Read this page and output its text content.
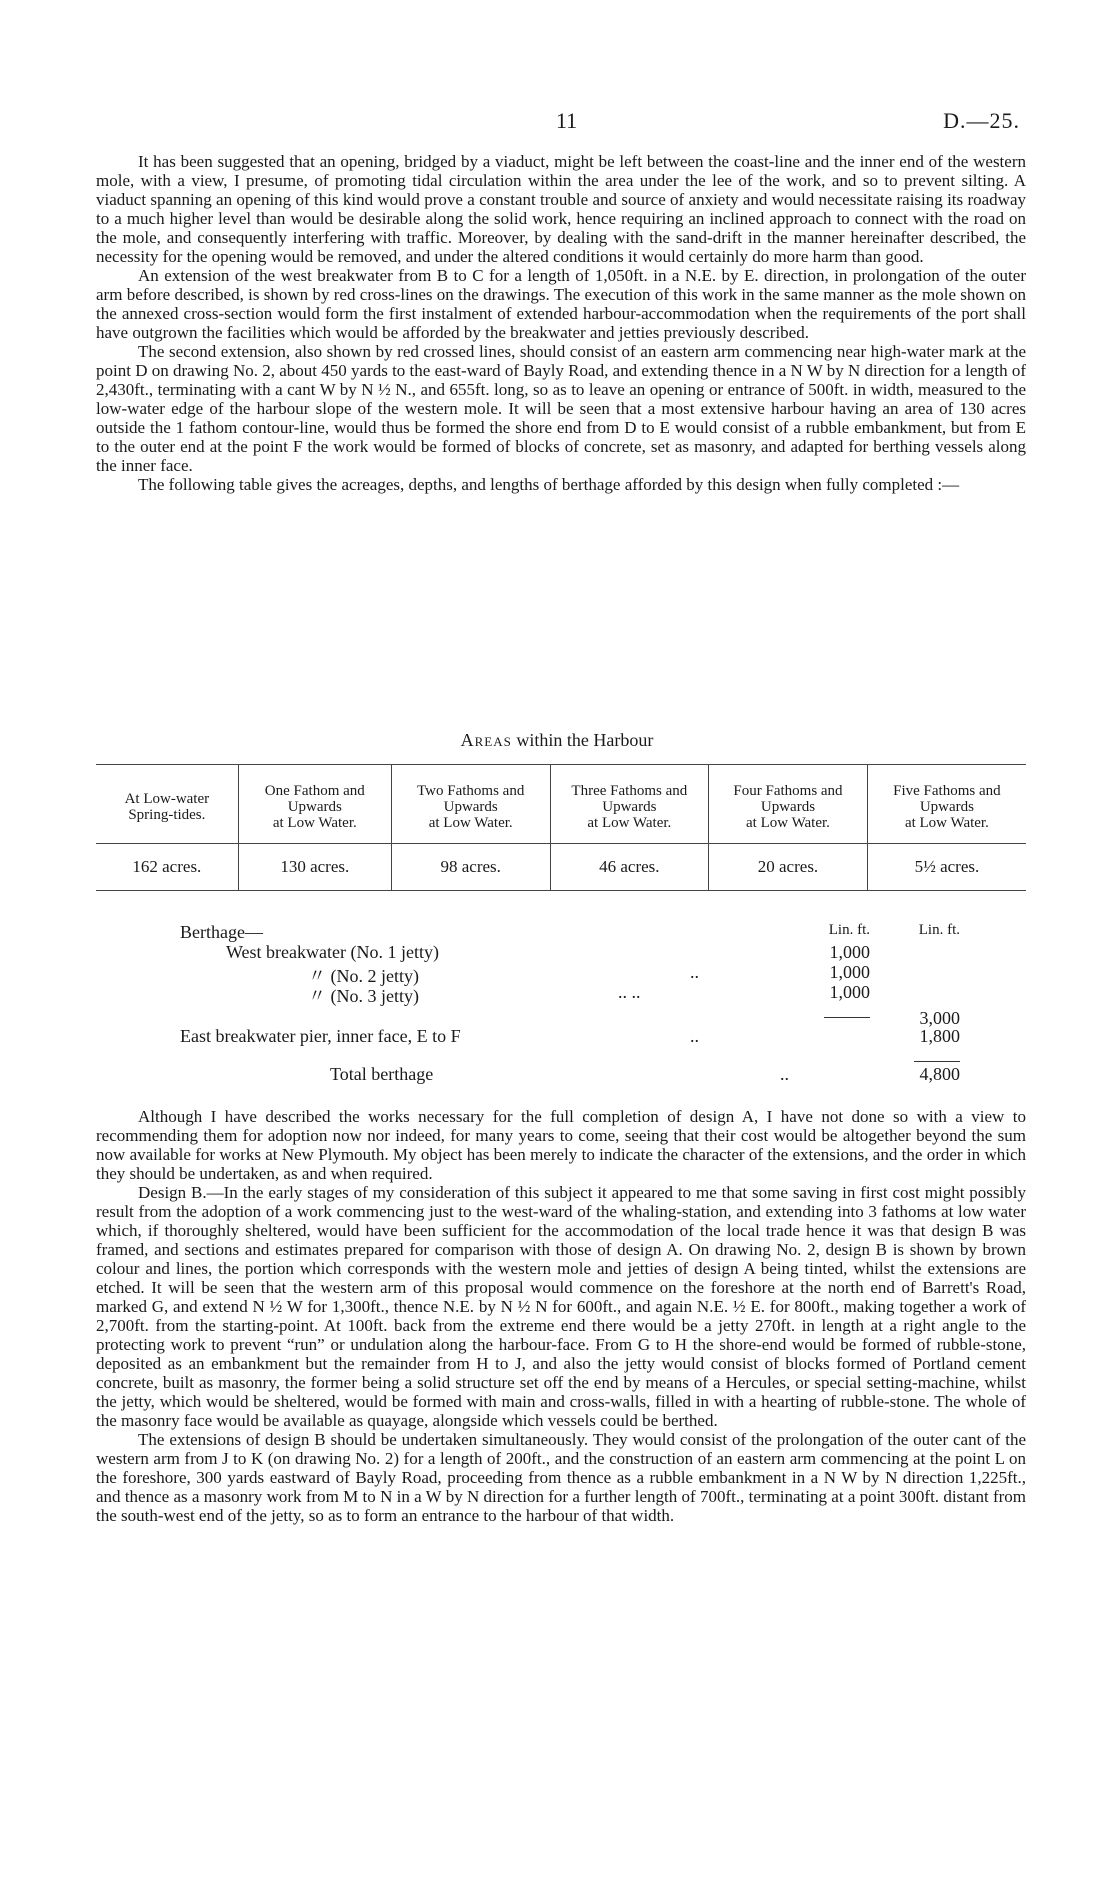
11	D.—25.

It has been suggested that an opening, bridged by a viaduct, might be left between the coast-line and the inner end of the western mole, with a view, I presume, of promoting tidal circulation within the area under the lee of the work, and so to prevent silting. A viaduct spanning an opening of this kind would prove a constant trouble and source of anxiety and would necessitate raising its roadway to a much higher level than would be desirable along the solid work, hence requiring an inclined approach to connect with the road on the mole, and consequently interfering with traffic. Moreover, by dealing with the sand-drift in the manner hereinafter described, the necessity for the opening would be removed, and under the altered conditions it would certainly do more harm than good.

An extension of the west breakwater from B to C for a length of 1,050ft. in a N.E. by E. direction, in prolongation of the outer arm before described, is shown by red cross-lines on the drawings. The execution of this work in the same manner as the mole shown on the annexed cross-section would form the first instalment of extended harbour-accommodation when the requirements of the port shall have outgrown the facilities which would be afforded by the breakwater and jetties previously described.

The second extension, also shown by red crossed lines, should consist of an eastern arm commencing near high-water mark at the point D on drawing No. 2, about 450 yards to the east-ward of Bayly Road, and extending thence in a N W by N direction for a length of 2,430ft., terminating with a cant W by N ½ N., and 655ft. long, so as to leave an opening or entrance of 500ft. in width, measured to the low-water edge of the harbour slope of the western mole. It will be seen that a most extensive harbour having an area of 130 acres outside the 1 fathom contour-line, would thus be formed the shore end from D to E would consist of a rubble embankment, but from E to the outer end at the point F the work would be formed of blocks of concrete, set as masonry, and adapted for berthing vessels along the inner face.

The following table gives the acreages, depths, and lengths of berthage afforded by this design when fully completed :—

Areas within the Harbour
At Low-water
Spring-tides.	One Fathom and
Upwards
at Low Water.	Two Fathoms and
Upwards
at Low Water.	Three Fathoms and
Upwards
at Low Water.	Four Fathoms and
Upwards
at Low Water.	Five Fathoms and
Upwards
at Low Water.
162 acres.	130 acres.	98 acres.	46 acres.	20 acres.	5½ acres.
Berthage—	Lin. ft.	Lin. ft.
West breakwater (No. 1 jetty)	1,000
〃 (No. 2 jetty)	..	1,000
〃 (No. 3 jetty)	.. ..	1,000
3,000
East breakwater pier, inner face, E to F	..	1,800
Total berthage	..	4,800

Although I have described the works necessary for the full completion of design A, I have not done so with a view to recommending them for adoption now nor indeed, for many years to come, seeing that their cost would be altogether beyond the sum now available for works at New Plymouth. My object has been merely to indicate the character of the extensions, and the order in which they should be undertaken, as and when required.

Design B.—In the early stages of my consideration of this subject it appeared to me that some saving in first cost might possibly result from the adoption of a work commencing just to the west-ward of the whaling-station, and extending into 3 fathoms at low water which, if thoroughly sheltered, would have been sufficient for the accommodation of the local trade hence it was that design B was framed, and sections and estimates prepared for comparison with those of design A. On drawing No. 2, design B is shown by brown colour and lines, the portion which corresponds with the western mole and jetties of design A being tinted, whilst the extensions are etched. It will be seen that the western arm of this proposal would commence on the foreshore at the north end of Barrett's Road, marked G, and extend N ½ W for 1,300ft., thence N.E. by N ½ N for 600ft., and again N.E. ½ E. for 800ft., making together a work of 2,700ft. from the starting-point. At 100ft. back from the extreme end there would be a jetty 270ft. in length at a right angle to the protecting work to prevent “run” or undulation along the harbour-face. From G to H the shore-end would be formed of rubble-stone, deposited as an embankment but the remainder from H to J, and also the jetty would consist of blocks formed of Portland cement concrete, built as masonry, the former being a solid structure set off the end by means of a Hercules, or special setting-machine, whilst the jetty, which would be sheltered, would be formed with main and cross-walls, filled in with a hearting of rubble-stone. The whole of the masonry face would be available as quayage, alongside which vessels could be berthed.

The extensions of design B should be undertaken simultaneously. They would consist of the prolongation of the outer cant of the western arm from J to K (on drawing No. 2) for a length of 200ft., and the construction of an eastern arm commencing at the point L on the foreshore, 300 yards eastward of Bayly Road, proceeding from thence as a rubble embankment in a N W by N direction 1,225ft., and thence as a masonry work from M to N in a W by N direction for a further length of 700ft., terminating at a point 300ft. distant from the south-west end of the jetty, so as to form an entrance to the harbour of that width.
